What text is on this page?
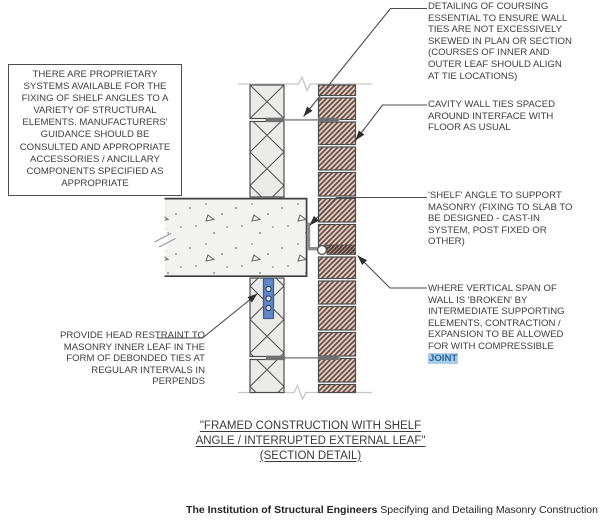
THERE ARE PROPRIETARY
SYSTEMS AVAILABLE FOR THE
FIXING OF SHELF ANGLES TO A
VARIETY OF STRUCTURAL
ELEMENTS. MANUFACTURERS'
GUIDANCE SHOULD BE
CONSULTED AND APPROPRIATE
ACCESSORIES / ANCILLARY
COMPONENTS SPECIFIED AS
APPROPRIATE
DETAILING OF COURSING
ESSENTIAL TO ENSURE WALL
TIES ARE NOT EXCESSIVELY
SKEWED IN PLAN OR SECTION
(COURSES OF INNER AND
OUTER LEAF SHOULD ALIGN
AT TIE LOCATIONS)
CAVITY WALL TIES SPACED
AROUND INTERFACE WITH
FLOOR AS USUAL
'SHELF' ANGLE TO SUPPORT
MASONRY (FIXING TO SLAB TO
BE DESIGNED - CAST-IN
SYSTEM, POST FIXED OR
OTHER)
WHERE VERTICAL SPAN OF
WALL IS 'BROKEN' BY
INTERMEDIATE SUPPORTING
ELEMENTS, CONTRACTION /
EXPANSION TO BE ALLOWED
FOR WITH COMPRESSIBLE
JOINT
PROVIDE HEAD RESTRAINT TO
MASONRY INNER LEAF IN THE
FORM OF DEBONDED TIES AT
REGULAR INTERVALS IN
PERPENDS
"FRAMED CONSTRUCTION WITH SHELF
ANGLE / INTERRUPTED EXTERNAL LEAF"
(SECTION DETAIL)
The Institution of Structural Engineers Specifying and Detailing Masonry Construction
